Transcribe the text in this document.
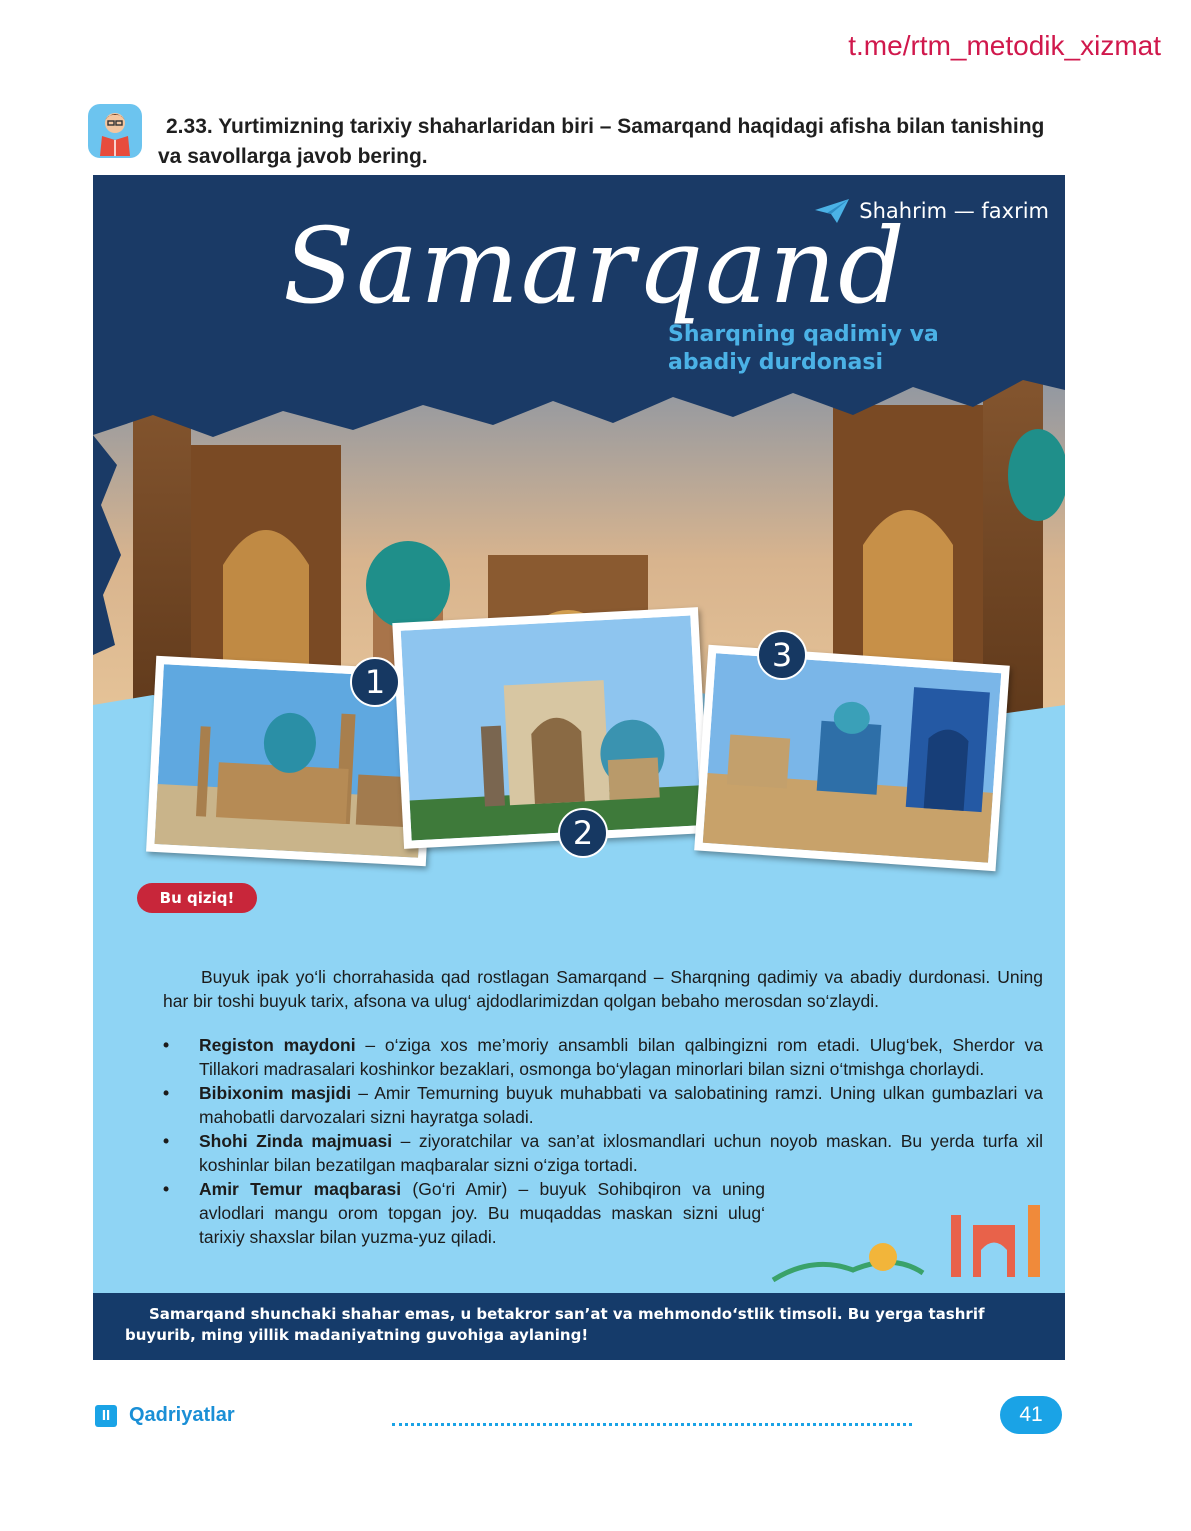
t.me/rtm_metodik_xizmat
2.33. Yurtimizning tarixiy shaharlaridan biri – Samarqand haqidagi afisha bilan tanishing va savollarga javob bering.
Shahrim — faxrim
Samarqand
Sharqning qadimiy va abadiy durdonasi
1
2
3
Bu qiziq!

Buyuk ipak yo‘li chorrahasida qad rostlagan Samarqand – Sharqning qadimiy va abadiy durdonasi. Uning har bir toshi buyuk tarix, afsona va ulug‘ ajdodlarimizdan qolgan bebaho merosdan so‘zlaydi.

• Registon maydoni – o‘ziga xos me’moriy ansambli bilan qalbingizni rom etadi. Ulug‘bek, Sherdor va Tillakori madrasalari koshinkor bezaklari, osmonga bo‘ylagan minorlari bilan sizni o‘tmishga chorlaydi.
• Bibixonim masjidi – Amir Temurning buyuk muhabbati va salobatining ramzi. Uning ulkan gumbazlari va mahobatli darvozalari sizni hayratga soladi.
• Shohi Zinda majmuasi – ziyoratchilar va san’at ixlosmandlari uchun noyob maskan. Bu yerda turfa xil koshinlar bilan bezatilgan maqbaralar sizni o‘ziga tortadi.
• Amir Temur maqbarasi (Go‘ri Amir) – buyuk Sohibqiron va uning avlodlari mangu orom topgan joy. Bu muqaddas maskan sizni ulug‘ tarixiy shaxslar bilan yuzma-yuz qiladi.

Samarqand shunchaki shahar emas, u betakror san’at va mehmondo‘stlik timsoli. Bu yerga tashrif buyurib, ming yillik madaniyatning guvohiga aylaning!

II Qadriyatlar	41
